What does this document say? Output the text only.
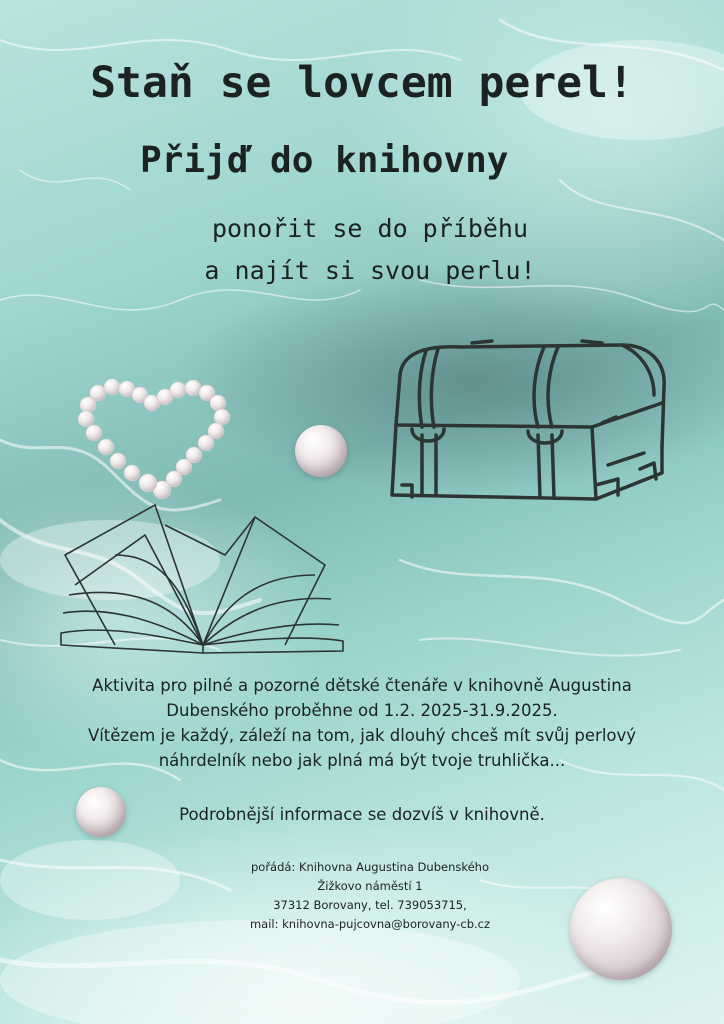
Staň se lovcem perel!
Přijď do knihovny
ponořit se do příběhu
a najít si svou perlu!
Aktivita pro pilné a pozorné dětské čtenáře v knihovně Augustina
Dubenského proběhne od 1.2. 2025-31.9.2025.
Vítězem je každý, záleží na tom, jak dlouhý chceš mít svůj perlový
náhrdelník nebo jak plná má být tvoje truhlička...
Podrobnější informace se dozvíš v knihovně.
pořádá: Knihovna Augustina Dubenského
Žižkovo náměstí 1
37312 Borovany, tel. 739053715,
mail: knihovna-pujcovna@borovany-cb.cz
